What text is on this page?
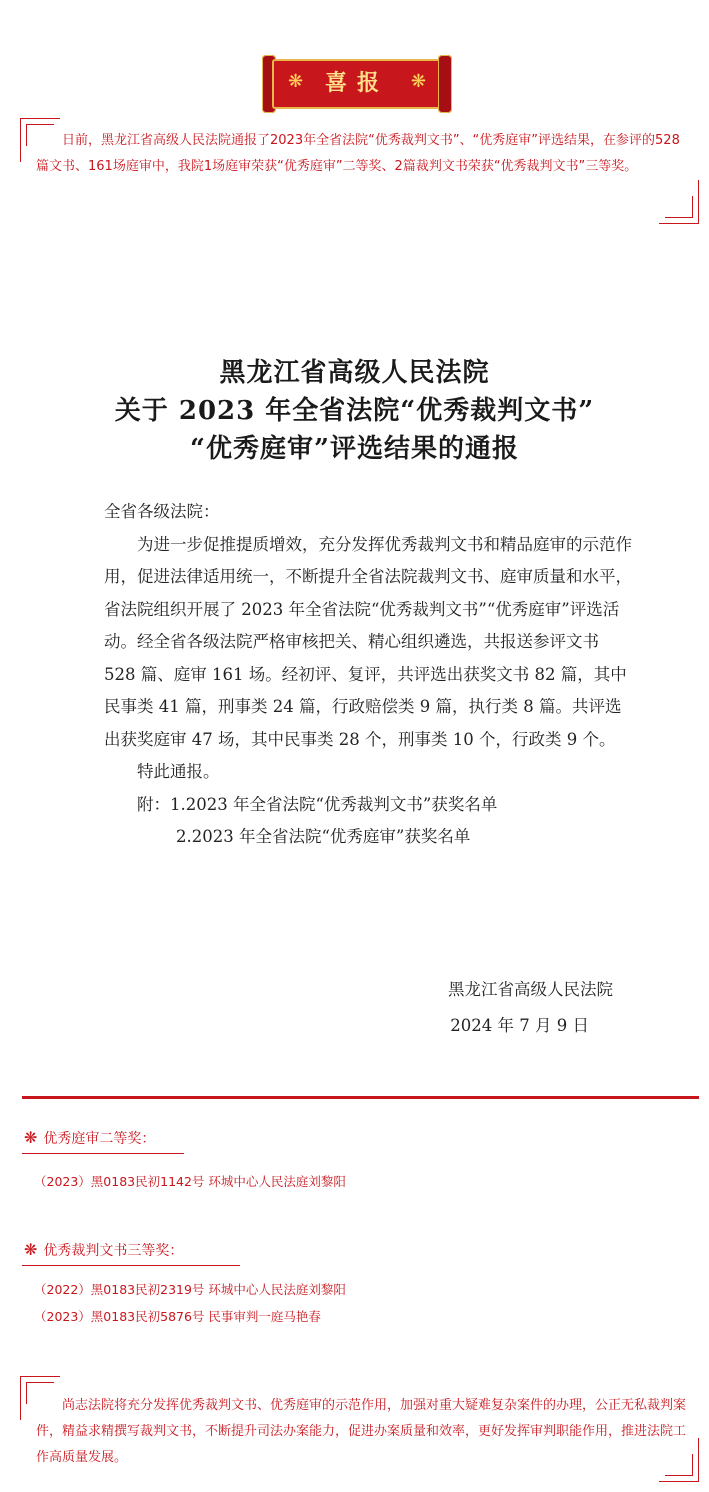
❋ 喜报	❋

日前，黑龙江省高级人民法院通报了2023年全省法院“优秀裁判文书”、“优秀庭审”评选结果，在参评的528篇文书、161场庭审中，我院1场庭审荣获“优秀庭审”二等奖、2篇裁判文书荣获“优秀裁判文书”三等奖。

黑龙江省高级人民法院
关于 2023 年全省法院“优秀裁判文书”
“优秀庭审”评选结果的通报

全省各级法院：

为进一步促推提质增效，充分发挥优秀裁判文书和精品庭审的示范作用，促进法律适用统一，不断提升全省法院裁判文书、庭审质量和水平，省法院组织开展了 2023 年全省法院“优秀裁判文书”“优秀庭审”评选活动。经全省各级法院严格审核把关、精心组织遴选，共报送参评文书 528 篇、庭审 161 场。经初评、复评，共评选出获奖文书 82 篇，其中民事类 41 篇，刑事类 24 篇，行政赔偿类 9 篇，执行类 8 篇。共评选出获奖庭审 47 场，其中民事类 28 个，刑事类 10 个，行政类 9 个。

特此通报。

附：1.2023 年全省法院“优秀裁判文书”获奖名单

2.2023 年全省法院“优秀庭审”获奖名单

黑龙江省高级人民法院
2024 年 7 月 9 日
❋ 优秀庭审二等奖：
（2023）黑0183民初1142号 环城中心人民法庭刘黎阳
❋ 优秀裁判文书三等奖：
（2022）黑0183民初2319号 环城中心人民法庭刘黎阳
（2023）黑0183民初5876号 民事审判一庭马艳春

尚志法院将充分发挥优秀裁判文书、优秀庭审的示范作用，加强对重大疑难复杂案件的办理，公正无私裁判案件，精益求精撰写裁判文书，不断提升司法办案能力，促进办案质量和效率，更好发挥审判职能作用，推进法院工作高质量发展。
